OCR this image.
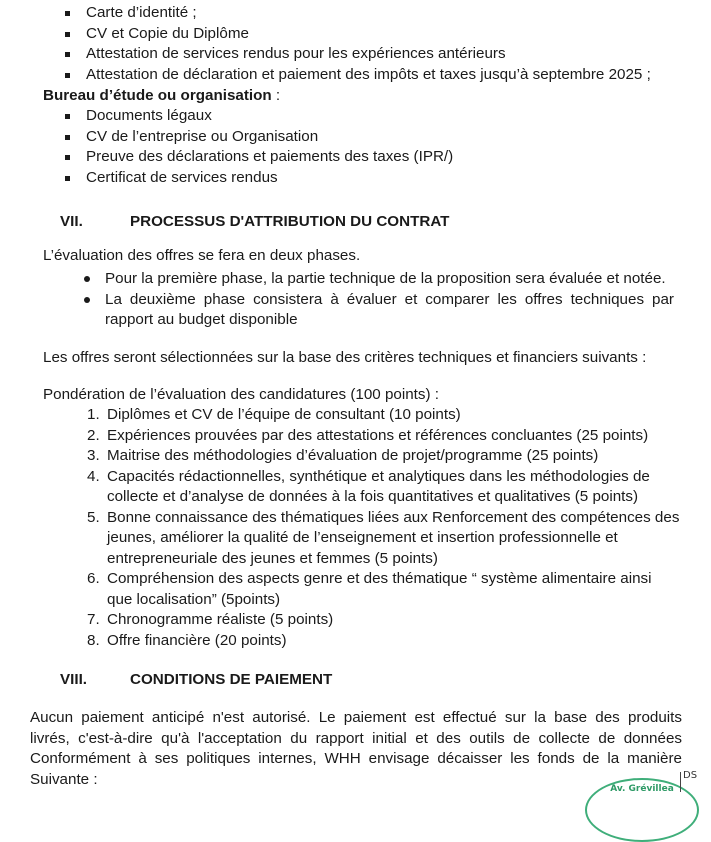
Carte d’identité ;
CV et Copie du Diplôme
Attestation de services rendus pour les expériences antérieurs
Attestation de déclaration et paiement des impôts et taxes jusqu’à septembre 2025 ;
Bureau d’étude ou organisation :
Documents légaux
CV de l’entreprise ou Organisation
Preuve des déclarations et paiements des taxes (IPR/)
Certificat de services rendus
VII.	PROCESSUS D'ATTRIBUTION DU CONTRAT
L’évaluation des offres se fera en deux phases.
Pour la première phase, la partie technique de la proposition sera évaluée et notée.
La deuxième phase consistera à évaluer et comparer les offres techniques par rapport au budget disponible
Les offres seront sélectionnées sur la base des critères techniques et financiers suivants :
Pondération de l’évaluation des candidatures (100 points) :
1. Diplômes et CV de l’équipe de consultant (10 points)
2. Expériences prouvées par des attestations et références concluantes (25 points)
3. Maitrise des méthodologies d’évaluation de projet/programme (25 points)
4. Capacités rédactionnelles, synthétique et analytiques dans les méthodologies de collecte et d’analyse de données à la fois quantitatives et qualitatives (5 points)
5. Bonne connaissance des thématiques liées aux Renforcement des compétences des jeunes, améliorer la qualité de l’enseignement et insertion professionnelle et entrepreneuriale des jeunes et femmes (5 points)
6. Compréhension des aspects genre et des thématique “ système alimentaire ainsi que localisation” (5points)
7. Chronogramme réaliste (5 points)
8. Offre financière (20 points)
VIII.	CONDITIONS DE PAIEMENT
Aucun paiement anticipé n'est autorisé. Le paiement est effectué sur la base des produits
livrés, c'est-à-dire qu'à l'acceptation du rapport initial et des outils de collecte de données
Conformément à ses politiques internes, WHH envisage décaisser les fonds de la manière
Suivante :
Av. Grévillea
DS
